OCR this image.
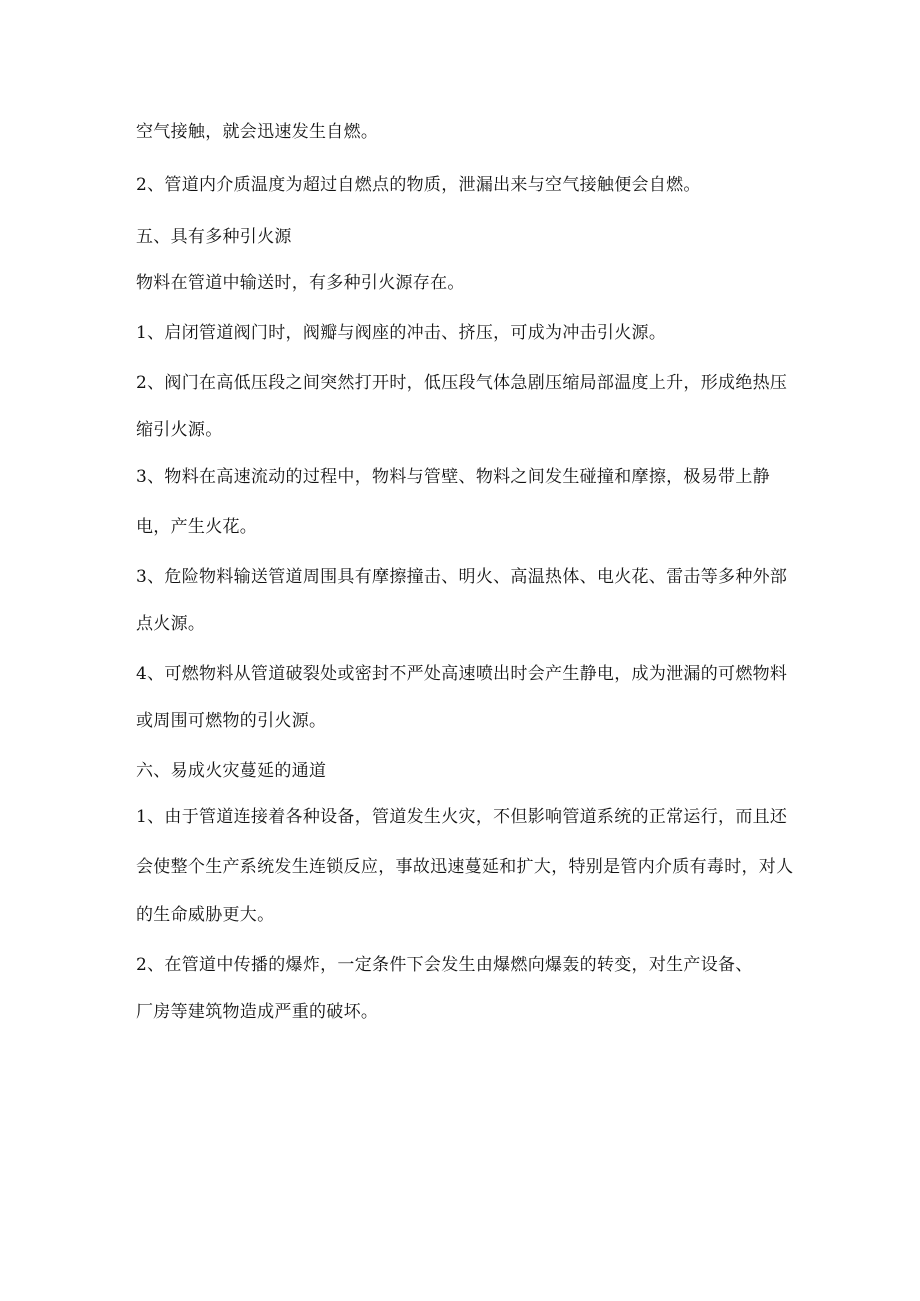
空气接触，就会迅速发生自燃。
2、管道内介质温度为超过自燃点的物质，泄漏出来与空气接触便会自燃。
五、具有多种引火源
物料在管道中输送时，有多种引火源存在。
1、启闭管道阀门时，阀瓣与阀座的冲击、挤压，可成为冲击引火源。
2、阀门在高低压段之间突然打开时，低压段气体急剧压缩局部温度上升，形成绝热压
缩引火源。
3、物料在高速流动的过程中，物料与管壁、物料之间发生碰撞和摩擦，极易带上静
电，产生火花。
3、危险物料输送管道周围具有摩擦撞击、明火、高温热体、电火花、雷击等多种外部
点火源。
4、可燃物料从管道破裂处或密封不严处高速喷出时会产生静电，成为泄漏的可燃物料
或周围可燃物的引火源。
六、易成火灾蔓延的通道
1、由于管道连接着各种设备，管道发生火灾，不但影响管道系统的正常运行，而且还
会使整个生产系统发生连锁反应，事故迅速蔓延和扩大，特别是管内介质有毒时，对人
的生命威胁更大。
2、在管道中传播的爆炸，一定条件下会发生由爆燃向爆轰的转变，对生产设备、
厂房等建筑物造成严重的破坏。
